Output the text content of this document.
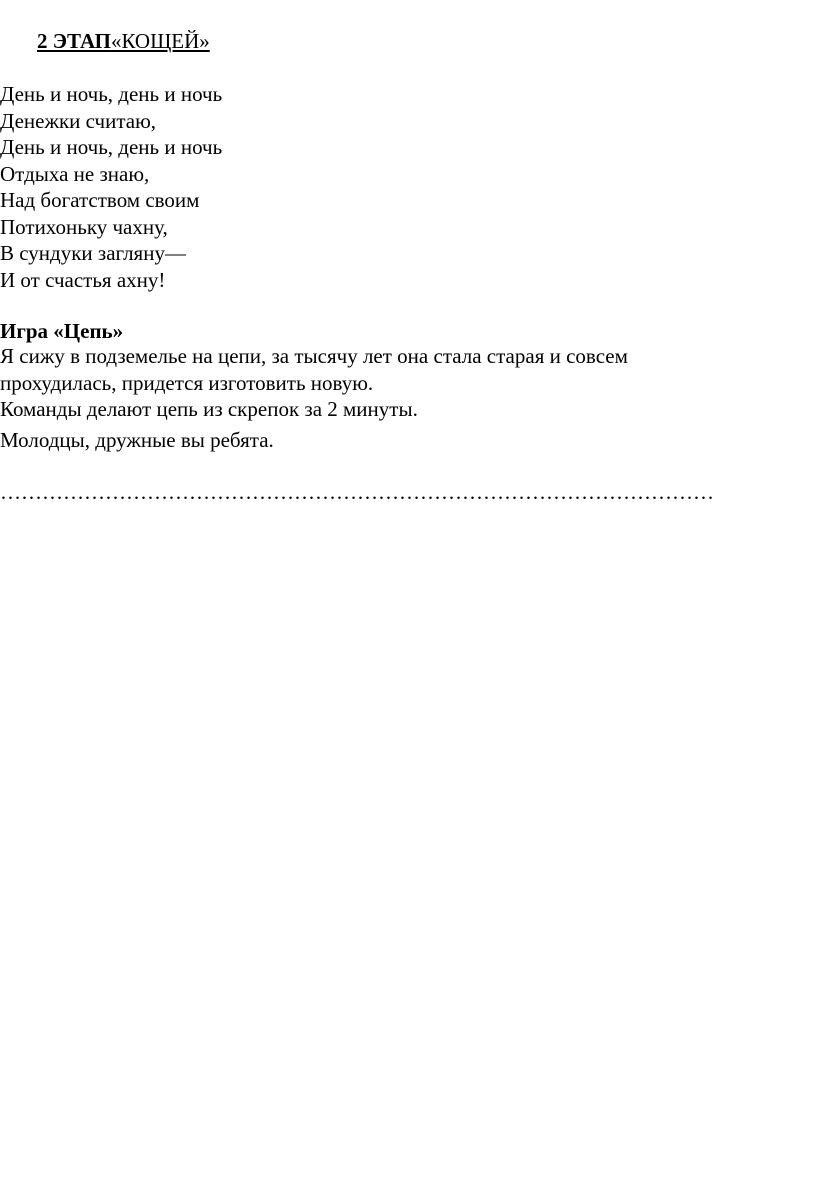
2 ЭТАП«КОЩЕЙ»
День и ночь, день и ночь
Денежки считаю,
День и ночь, день и ночь
Отдыха не знаю,
Над богатством своим
Потихоньку чахну,
В сундуки загляну—
И от счастья ахну!
Игра «Цепь»

Я сижу в подземелье на цепи, за тысячу лет она стала старая и совсем

прохудилась, придется изготовить новую.

Команды делают цепь из скрепок за 2 минуты.

Молодцы, дружные вы ребята.

…………………………………………………………………………………………
